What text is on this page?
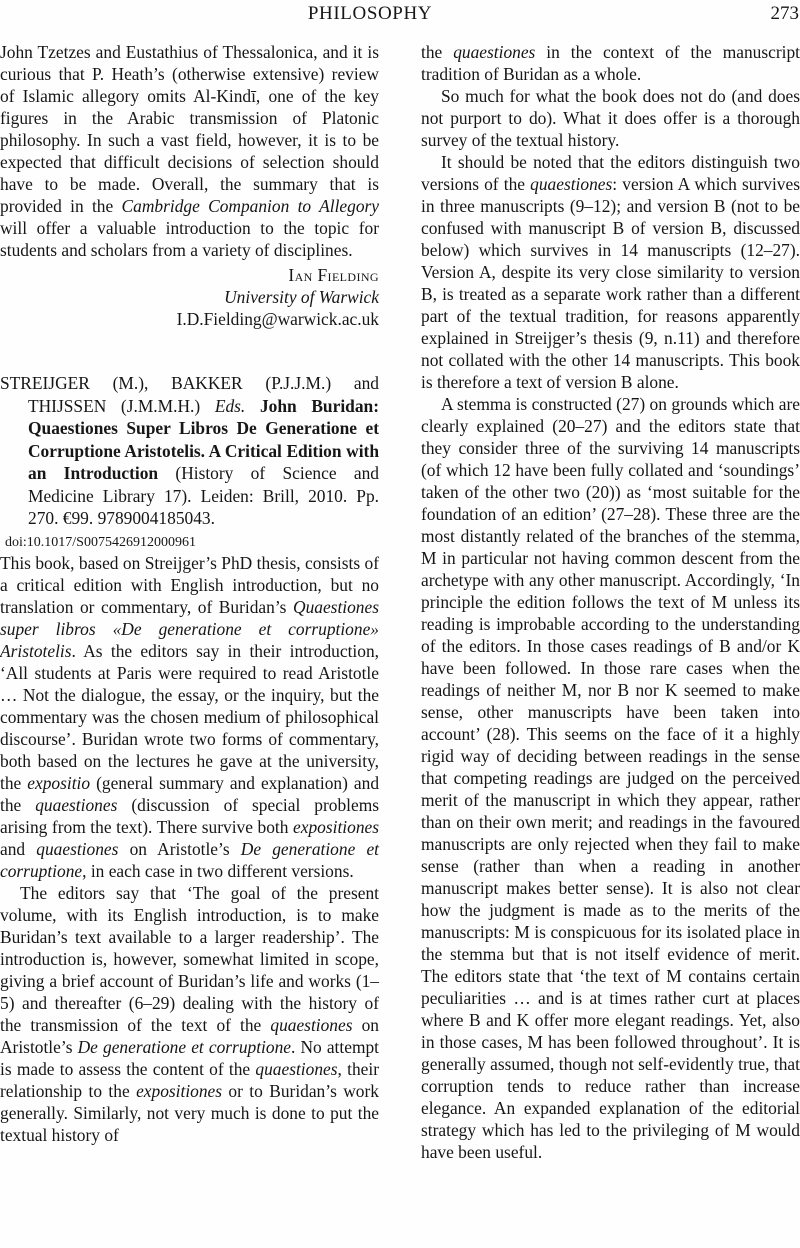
PHILOSOPHY	273

John Tzetzes and Eustathius of Thessalonica, and it is curious that P. Heath’s (otherwise extensive) review of Islamic allegory omits Al-Kindī, one of the key figures in the Arabic transmission of Platonic philosophy. In such a vast field, however, it is to be expected that difficult decisions of selection should have to be made. Overall, the summary that is provided in the Cambridge Companion to Allegory will offer a valuable introduction to the topic for students and scholars from a variety of disciplines.

Ian Fielding
University of Warwick
I.D.Fielding@warwick.ac.uk

STREIJGER (M.), BAKKER (P.J.J.M.) and THIJSSEN (J.M.M.H.) Eds. John Buridan: Quaestiones Super Libros De Generatione et Corruptione Aristotelis. A Critical Edition with an Introduction (History of Science and Medicine Library 17). Leiden: Brill, 2010. Pp. 270. €99. 9789004185043.

doi:10.1017/S0075426912000961

This book, based on Streijger’s PhD thesis, consists of a critical edition with English introduction, but no translation or commentary, of Buridan’s Quaestiones super libros «De generatione et corruptione» Aristotelis. As the editors say in their introduction, ‘All students at Paris were required to read Aristotle … Not the dialogue, the essay, or the inquiry, but the commentary was the chosen medium of philosophical discourse’. Buridan wrote two forms of commentary, both based on the lectures he gave at the university, the expositio (general summary and explanation) and the quaestiones (discussion of special problems arising from the text). There survive both expositiones and quaestiones on Aristotle’s De generatione et corruptione, in each case in two different versions.

The editors say that ‘The goal of the present volume, with its English introduction, is to make Buridan’s text available to a larger readership’. The introduction is, however, somewhat limited in scope, giving a brief account of Buridan’s life and works (1–5) and thereafter (6–29) dealing with the history of the transmission of the text of the quaestiones on Aristotle’s De generatione et corruptione. No attempt is made to assess the content of the quaestiones, their relationship to the expositiones or to Buridan’s work generally. Similarly, not very much is done to put the textual history of

the quaestiones in the context of the manuscript tradition of Buridan as a whole.

So much for what the book does not do (and does not purport to do). What it does offer is a thorough survey of the textual history.

It should be noted that the editors distinguish two versions of the quaestiones: version A which survives in three manuscripts (9–12); and version B (not to be confused with manuscript B of version B, discussed below) which survives in 14 manuscripts (12–27). Version A, despite its very close similarity to version B, is treated as a separate work rather than a different part of the textual tradition, for reasons apparently explained in Streijger’s thesis (9, n.11) and therefore not collated with the other 14 manuscripts. This book is therefore a text of version B alone.

A stemma is constructed (27) on grounds which are clearly explained (20–27) and the editors state that they consider three of the surviving 14 manuscripts (of which 12 have been fully collated and ‘soundings’ taken of the other two (20)) as ‘most suitable for the foundation of an edition’ (27–28). These three are the most distantly related of the branches of the stemma, M in particular not having common descent from the archetype with any other manuscript. Accordingly, ‘In principle the edition follows the text of M unless its reading is improbable according to the understanding of the editors. In those cases readings of B and/or K have been followed. In those rare cases when the readings of neither M, nor B nor K seemed to make sense, other manuscripts have been taken into account’ (28). This seems on the face of it a highly rigid way of deciding between readings in the sense that competing readings are judged on the perceived merit of the manuscript in which they appear, rather than on their own merit; and readings in the favoured manuscripts are only rejected when they fail to make sense (rather than when a reading in another manuscript makes better sense). It is also not clear how the judgment is made as to the merits of the manuscripts: M is conspicuous for its isolated place in the stemma but that is not itself evidence of merit. The editors state that ‘the text of M contains certain peculiarities … and is at times rather curt at places where B and K offer more elegant readings. Yet, also in those cases, M has been followed throughout’. It is generally assumed, though not self-evidently true, that corruption tends to reduce rather than increase elegance. An expanded explanation of the editorial strategy which has led to the privileging of M would have been useful.
